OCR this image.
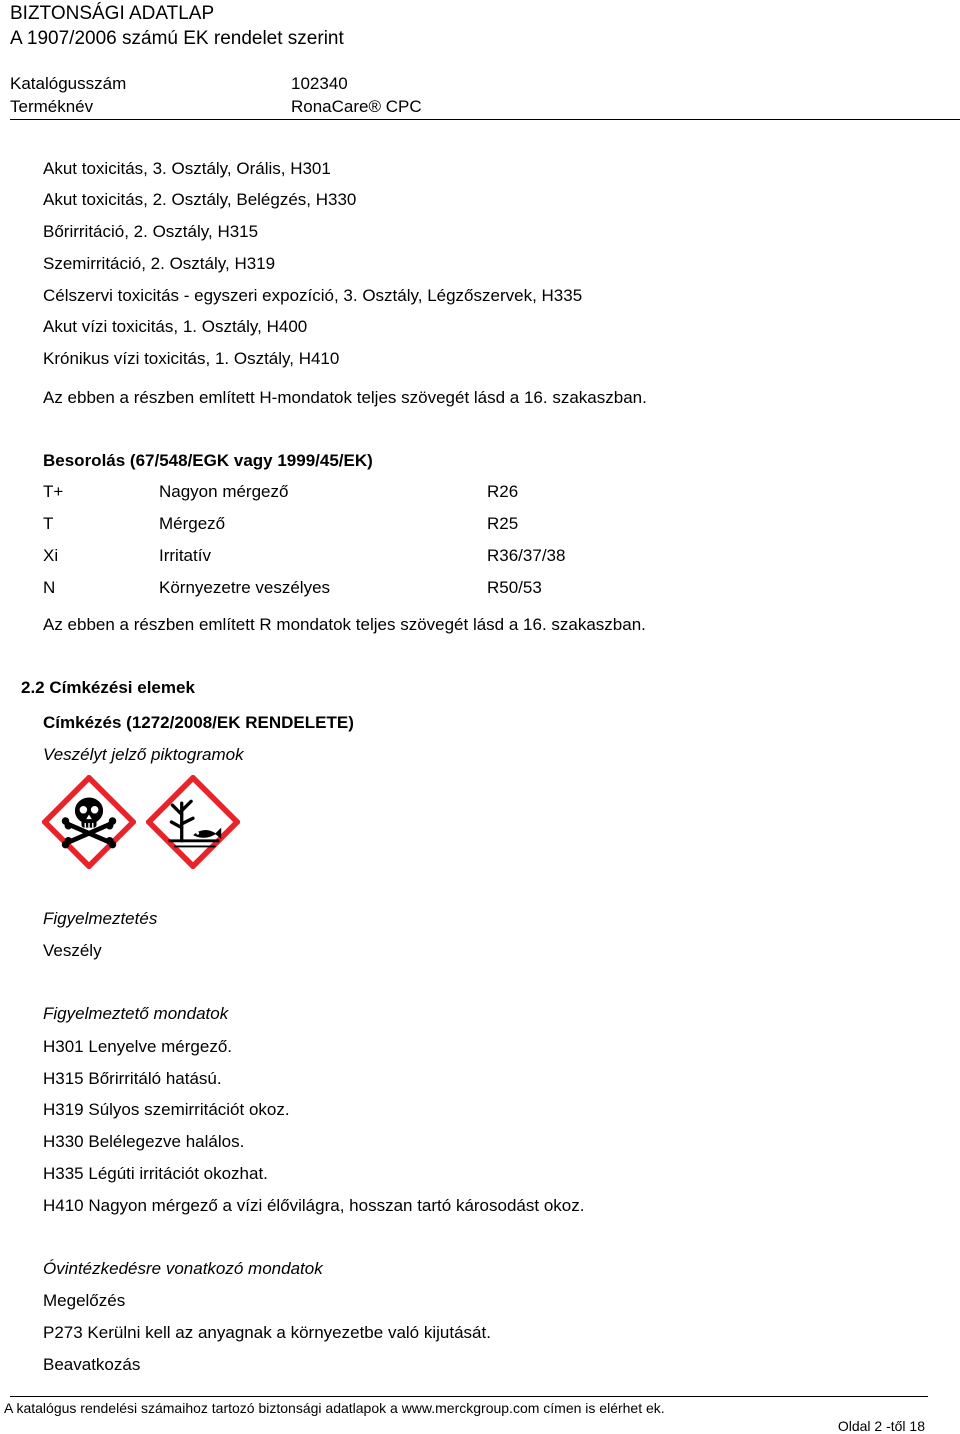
BIZTONSÁGI ADATLAP
A 1907/2006 számú EK rendelet szerint
Katalógusszám	102340
Terméknév	RonaCare® CPC
Akut toxicitás, 3. Osztály, Orális, H301
Akut toxicitás, 2. Osztály, Belégzés, H330
Bőrirritáció, 2. Osztály, H315
Szemirritáció, 2. Osztály, H319
Célszervi toxicitás - egyszeri expozíció, 3. Osztály, Légzőszervek, H335
Akut vízi toxicitás, 1. Osztály, H400
Krónikus vízi toxicitás, 1. Osztály, H410
Az ebben a részben említett H-mondatok teljes szövegét lásd a 16. szakaszban.
Besorolás (67/548/EGK vagy 1999/45/EK)
T+	Nagyon mérgező	R26
T	Mérgező	R25
Xi	Irritatív	R36/37/38
N	Környezetre veszélyes	R50/53
Az ebben a részben említett R mondatok teljes szövegét lásd a 16. szakaszban.
2.2 Címkézési elemek
Címkézés (1272/2008/EK RENDELETE)
Veszélyt jelző piktogramok
Figyelmeztetés
Veszély
Figyelmeztető mondatok
H301 Lenyelve mérgező.
H315 Bőrirritáló hatású.
H319 Súlyos szemirritációt okoz.
H330 Belélegezve halálos.
H335 Légúti irritációt okozhat.
H410 Nagyon mérgező a vízi élővilágra, hosszan tartó károsodást okoz.
Óvintézkedésre vonatkozó mondatok
Megelőzés
P273 Kerülni kell az anyagnak a környezetbe való kijutását.
Beavatkozás
A katalógus rendelési számaihoz tartozó biztonsági adatlapok a www.merckgroup.com címen is elérhet ek.
Oldal 2 -től 18
